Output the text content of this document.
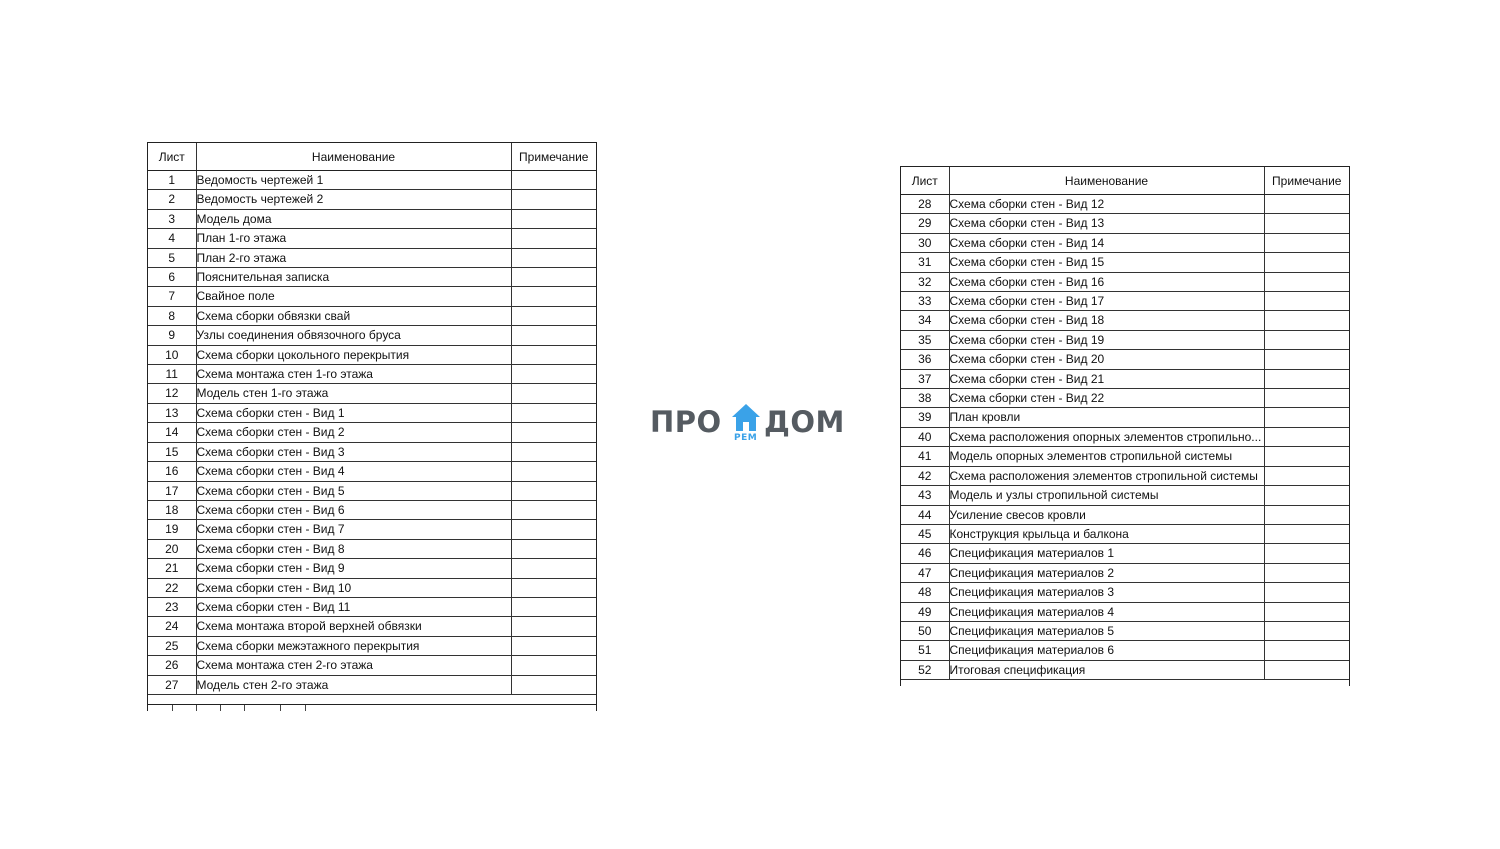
Лист	Наименование	Примечание
1	Ведомость чертежей 1	
2	Ведомость чертежей 2	
3	Модель дома	
4	План 1-го этажа	
5	План 2-го этажа	
6	Пояснительная записка	
7	Свайное поле	
8	Схема сборки обвязки свай	
9	Узлы соединения обвязочного бруса	
10	Схема сборки цокольного перекрытия	
11	Схема монтажа стен 1-го этажа	
12	Модель стен 1-го этажа	
13	Схема сборки стен - Вид 1	
14	Схема сборки стен - Вид 2	
15	Схема сборки стен - Вид 3	
16	Схема сборки стен - Вид 4	
17	Схема сборки стен - Вид 5	
18	Схема сборки стен - Вид 6	
19	Схема сборки стен - Вид 7	
20	Схема сборки стен - Вид 8	
21	Схема сборки стен - Вид 9	
22	Схема сборки стен - Вид 10	
23	Схема сборки стен - Вид 11	
24	Схема монтажа второй верхней обвязки	
25	Схема сборки межэтажного перекрытия	
26	Схема монтажа стен 2-го этажа	
27	Модель стен 2-го этажа	
ПРО РЕМ ДОМ
Лист	Наименование	Примечание
28	Схема сборки стен - Вид 12	
29	Схема сборки стен - Вид 13	
30	Схема сборки стен - Вид 14	
31	Схема сборки стен - Вид 15	
32	Схема сборки стен - Вид 16	
33	Схема сборки стен - Вид 17	
34	Схема сборки стен - Вид 18	
35	Схема сборки стен - Вид 19	
36	Схема сборки стен - Вид 20	
37	Схема сборки стен - Вид 21	
38	Схема сборки стен - Вид 22	
39	План кровли	
40	Схема расположения опорных элементов стропильно...	
41	Модель опорных элементов стропильной системы	
42	Схема расположения элементов стропильной системы	
43	Модель и узлы стропильной системы	
44	Усиление свесов кровли	
45	Конструкция крыльца и балкона	
46	Спецификация материалов 1	
47	Спецификация материалов 2	
48	Спецификация материалов 3	
49	Спецификация материалов 4	
50	Спецификация материалов 5	
51	Спецификация материалов 6	
52	Итоговая спецификация	
